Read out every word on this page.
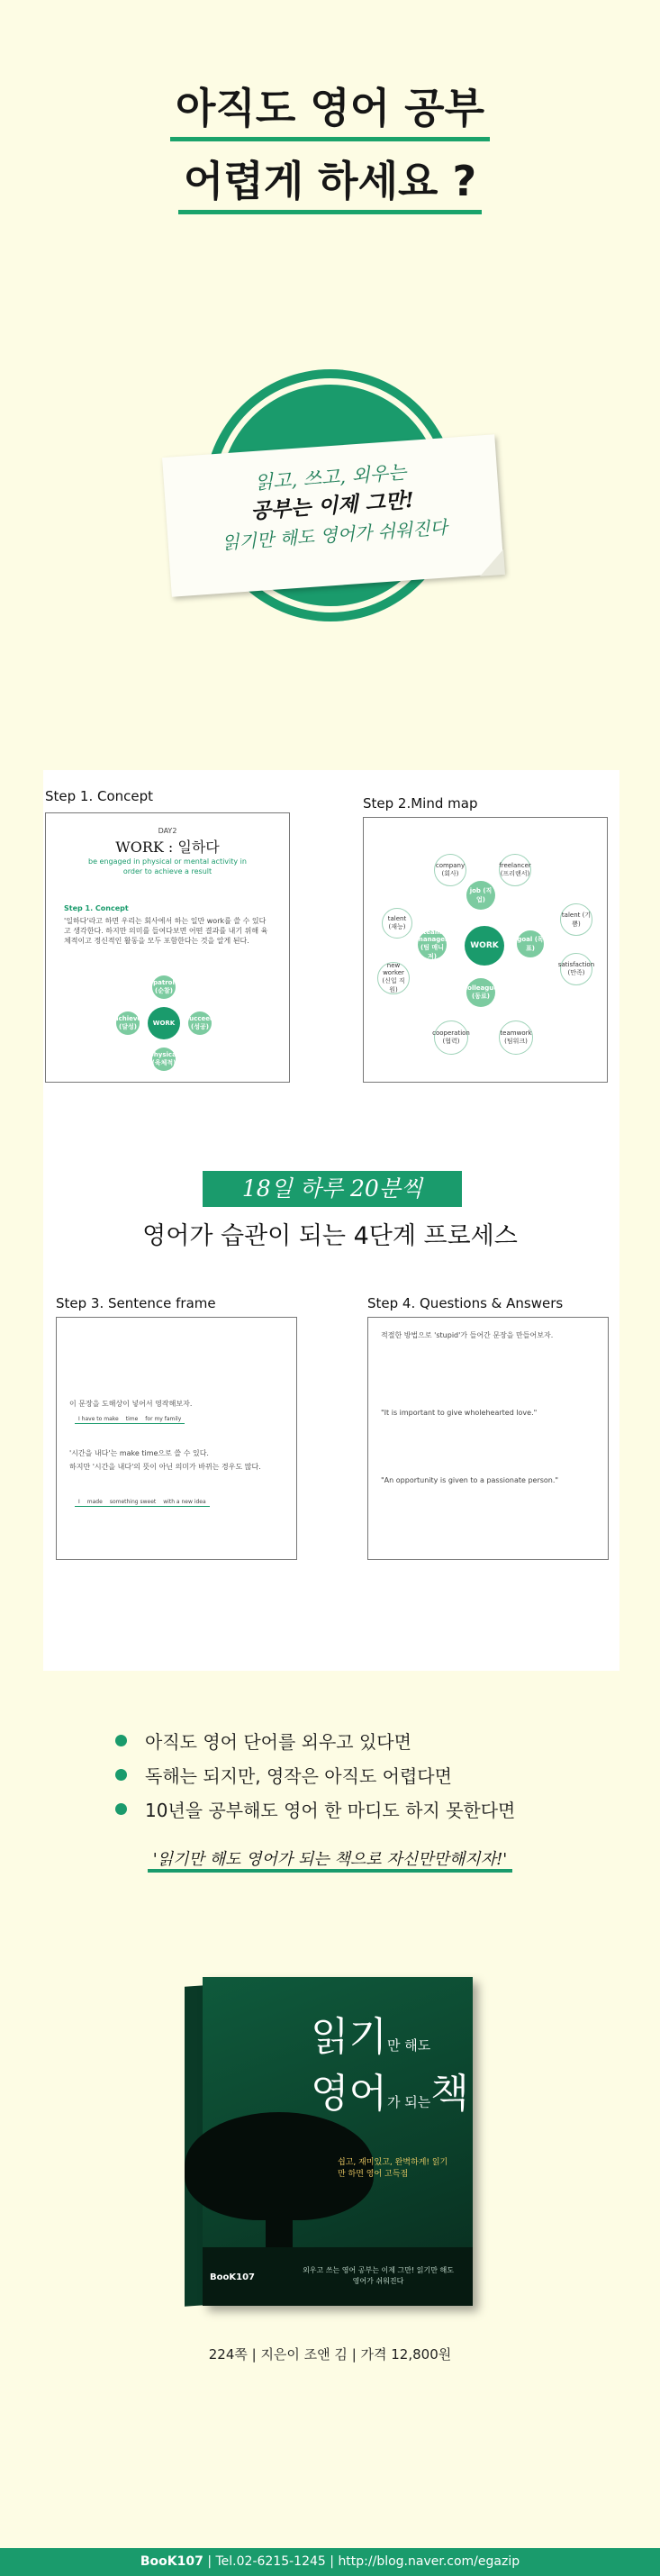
아직도 영어 공부
어렵게 하세요 ?
읽고, 쓰고, 외우는
공부는 이제 그만!
읽기만 해도 영어가 쉬워진다
Step 1. Concept
DAY2
WORK : 일하다
be engaged in physical or mental activity in order to achieve a result
Step 1. Concept
'일하다'라고 하면 우리는 회사에서 하는 일만 work를 쓸 수 있다고 생각한다. 하지만 의미를 들여다보면 어떤 결과를 내기 위해 육체적이고 정신적인 활동을 모두 포함한다는 것을 알게 된다.
WORK
patrol (순찰)
succeed (성공)
achieve (달성)
physical (육체적)
Step 2.Mind map
WORK
company (회사)
freelancer (프리랜서)
job (직업)
talent (재능)
goal (목표)
talent (기쁨)
team manager (팀 매니저)
satisfaction (만족)
new worker (신입 직원)	colleague (동료)
cooperation (협력)
teamwork (팀워크)
Step 3. Sentence frame
이 문장을 도해상이 넣어서 영작해보자.
I have to make	time	for my family
'시간을 내다'는 make time으로 쓸 수 있다.
하지만 '시간을 내다'의 뜻이 아닌 의미가 바뀌는 경우도 많다.
I	made	something sweet	with a new idea
Step 4. Questions & Answers
적절한 방법으로 'stupid'가 들어간 문장을 만들어보자.
"It is important to give wholehearted love."
"An opportunity is given to a passionate person."
18일 하루 20분씩
영어가 습관이 되는 4단계 프로세스
아직도 영어 단어를 외우고 있다면
독해는 되지만, 영작은 아직도 어렵다면
10년을 공부해도 영어 한 마디도 하지 못한다면
'읽기만 해도 영어가 되는 책으로 자신만만해지자!'
읽기만 해도
영어가 되는책
쉽고, 재미있고, 완벽하게! 읽기만 하면 영어 고득점
외우고 쓰는 영어 공부는 이제 그만! 읽기만 해도 영어가 쉬워진다
BooK107
224쪽 | 지은이 조앤 김 | 가격 12,800원
BooK107 | Tel.02-6215-1245 | http://blog.naver.com/egazip
